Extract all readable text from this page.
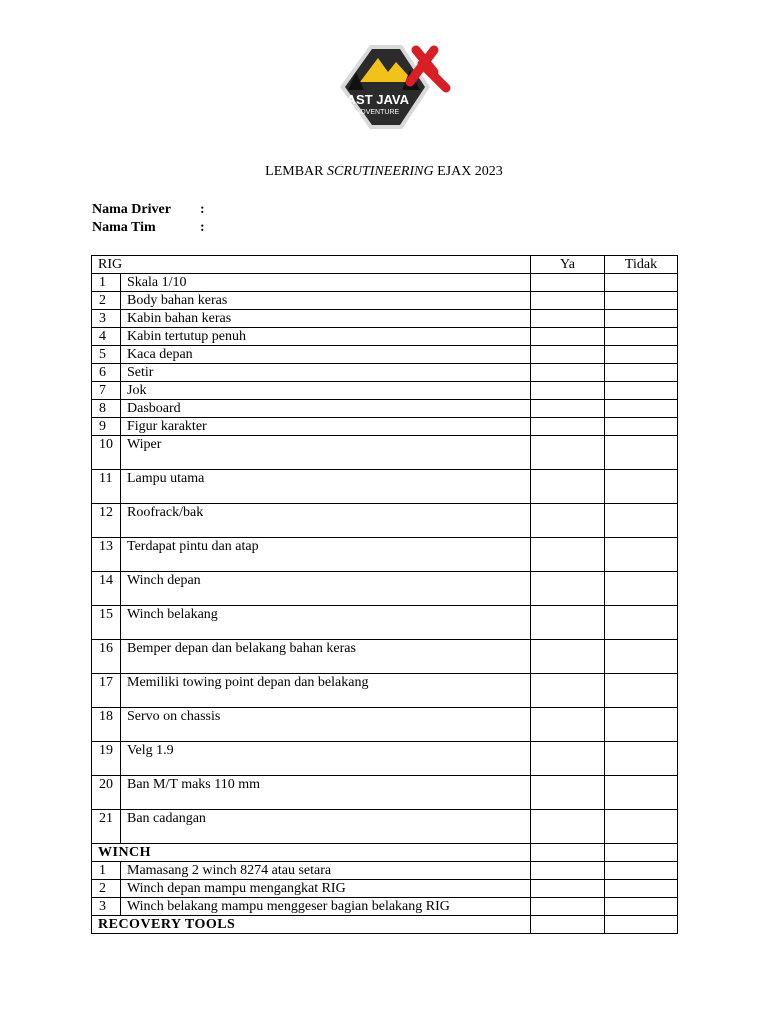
EAST JAVA
ADVENTURE
LEMBAR SCRUTINEERING EJAX 2023
Nama Driver :
Nama Tim	:
RIG		Ya	Tidak
1	Skala 1/10		
2	Body bahan keras		
3	Kabin bahan keras		
4	Kabin tertutup penuh		
5	Kaca depan		
6	Setir		
7	Jok		
8	Dasboard		
9	Figur karakter		
10	Wiper		
11	Lampu utama		
12	Roofrack/bak		
13	Terdapat pintu dan atap		
14	Winch depan		
15	Winch belakang		
16	Bemper depan dan belakang bahan keras		
17	Memiliki towing point depan dan belakang		
18	Servo on chassis		
19	Velg 1.9		
20	Ban M/T maks 110 mm		
21	Ban cadangan		
WINCH			
1	Mamasang 2 winch 8274 atau setara		
2	Winch depan mampu mengangkat RIG		
3	Winch belakang mampu menggeser bagian belakang RIG		
RECOVERY TOOLS			
